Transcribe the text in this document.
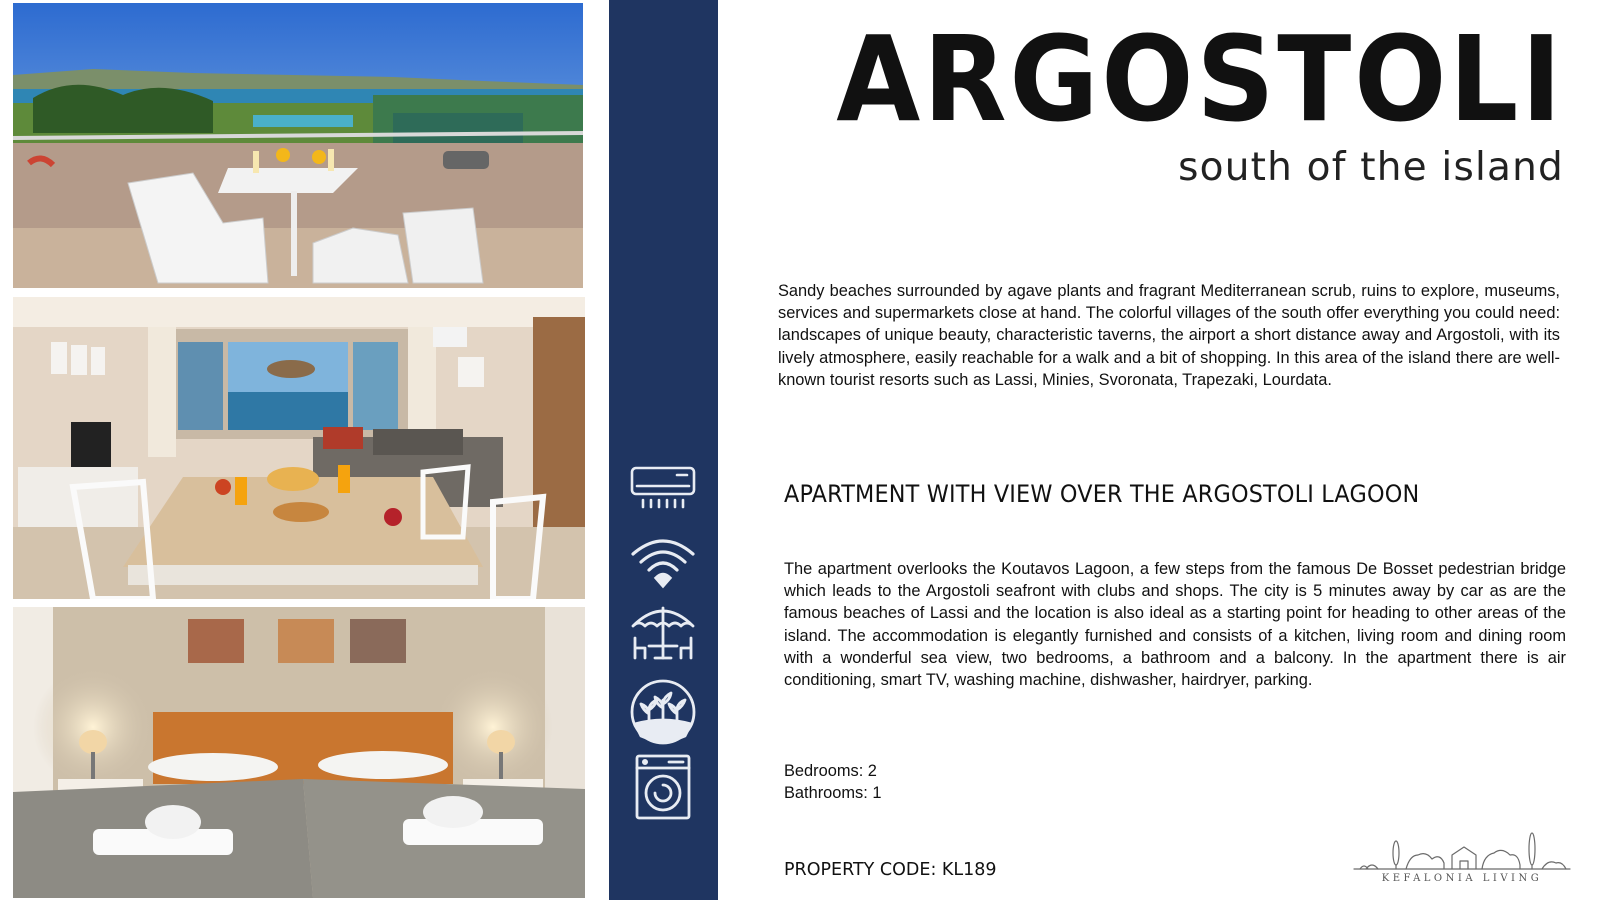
ARGOSTOLI
south of the island

Sandy beaches surrounded by agave plants and fragrant Mediterranean scrub, ruins to explore, museums, services and supermarkets close at hand. The colorful villages of the south offer everything you could need: landscapes of unique beauty, characteristic taverns, the airport a short distance away and Argostoli, with its lively atmosphere, easily reachable for a walk and a bit of shopping. In this area of the island there are well-known tourist resorts such as Lassi, Minies, Svoronata, Trapezaki, Lourdata.

APARTMENT WITH VIEW OVER THE ARGOSTOLI LAGOON

The apartment overlooks the Koutavos Lagoon, a few steps from the famous De Bosset pedestrian bridge which leads to the Argostoli seafront with clubs and shops. The city is 5 minutes away by car as are the famous beaches of Lassi and the location is also ideal as a starting point for heading to other areas of the island. The accommodation is elegantly furnished and consists of a kitchen, living room and dining room with a wonderful sea view, two bedrooms, a bathroom and a balcony. In the apartment there is air conditioning, smart TV, washing machine, dishwasher, hairdryer, parking.

Bedrooms: 2
Bathrooms: 1
PROPERTY CODE: KL189	KEFALONIA LIVING
